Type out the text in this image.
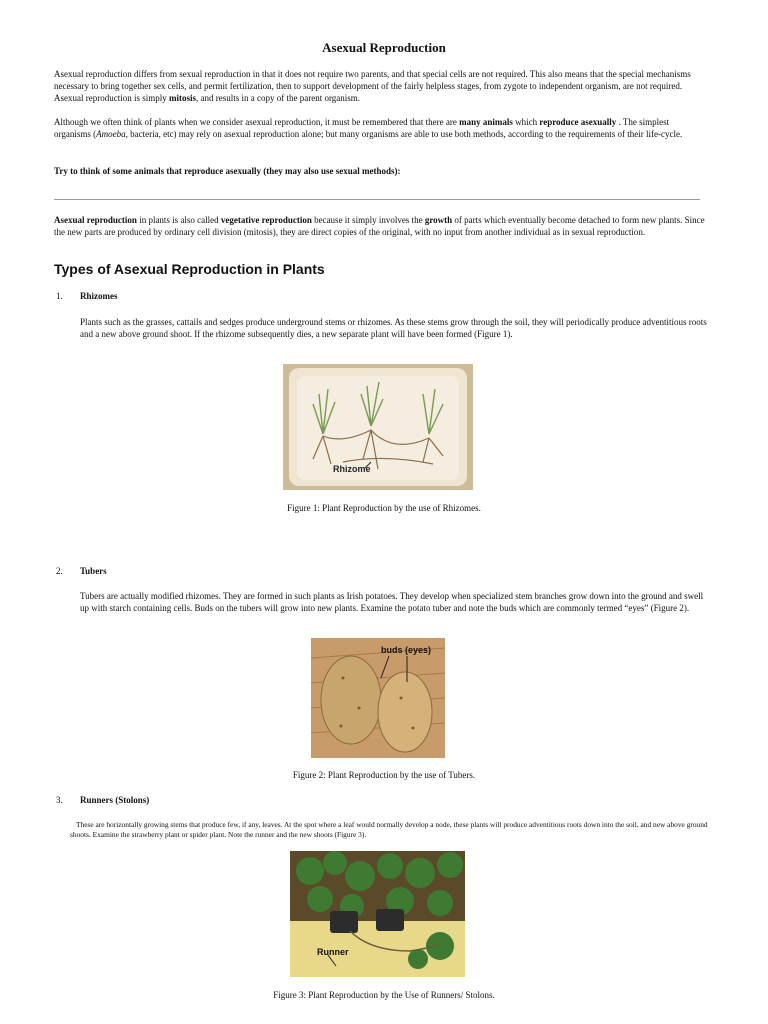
Asexual Reproduction

Asexual reproduction differs from sexual reproduction in that it does not require two parents, and that special cells are not required. This also means that the special mechanisms necessary to bring together sex cells, and permit fertilization, then to support development of the fairly helpless stages, from zygote to independent organism, are not required. Asexual reproduction is simply mitosis, and results in a copy of the parent organism.

Although we often think of plants when we consider asexual reproduction, it must be remembered that there are many animals which reproduce asexually . The simplest organisms (Amoeba, bacteria, etc) may rely on asexual reproduction alone; but many organisms are able to use both methods, according to the requirements of their life-cycle.

Try to think of some animals that reproduce asexually (they may also use sexual methods):

Asexual reproduction in plants is also called vegetative reproduction because it simply involves the growth of parts which eventually become detached to form new plants. Since the new parts are produced by ordinary cell division (mitosis), they are direct copies of the original, with no input from another individual as in sexual reproduction.

Types of Asexual Reproduction in Plants
1. Rhizomes

Plants such as the grasses, cattails and sedges produce underground stems or rhizomes. As these stems grow through the soil, they will periodically produce adventitious roots and a new above ground shoot. If the rhizome subsequently dies, a new separate plant will have been formed (Figure 1).

Rhizome
Figure 1: Plant Reproduction by the use of Rhizomes.
2. Tubers

Tubers are actually modified rhizomes. They are formed in such plants as Irish potatoes. They develop when specialized stem branches grow down into the ground and swell up with starch containing cells. Buds on the tubers will grow into new plants. Examine the potato tuber and note the buds which are commonly termed “eyes” (Figure 2).

buds (eyes)
Figure 2: Plant Reproduction by the use of Tubers.
3. Runners (Stolons)

These are horizontally growing stems that produce few, if any, leaves. At the spot where a leaf would normally develop a node, these plants will produce adventitious roots down into the soil, and new above ground shoots. Examine the strawberry plant or spider plant. Note the runner and the new shoots (Figure 3).

Runner
Figure 3: Plant Reproduction by the Use of Runners/ Stolons.
